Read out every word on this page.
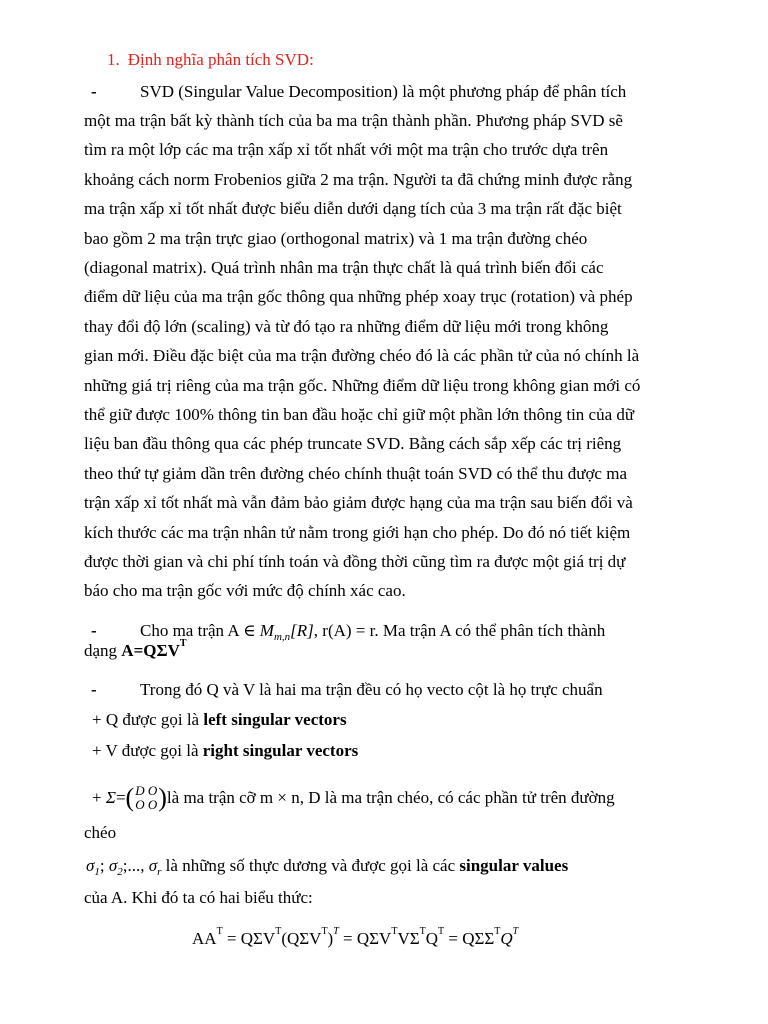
1. Định nghĩa phân tích SVD:
-	SVD (Singular Value Decomposition) là một phương pháp để phân tích
một ma trận bất kỳ thành tích của ba ma trận thành phần. Phương pháp SVD sẽ
tìm ra một lớp các ma trận xấp xỉ tốt nhất với một ma trận cho trước dựa trên
khoảng cách norm Frobenios giữa 2 ma trận. Người ta đã chứng minh được rằng
ma trận xấp xỉ tốt nhất được biểu diễn dưới dạng tích của 3 ma trận rất đặc biệt
bao gồm 2 ma trận trực giao (orthogonal matrix) và 1 ma trận đường chéo
(diagonal matrix). Quá trình nhân ma trận thực chất là quá trình biến đổi các
điểm dữ liệu của ma trận gốc thông qua những phép xoay trục (rotation) và phép
thay đổi độ lớn (scaling) và từ đó tạo ra những điểm dữ liệu mới trong không
gian mới. Điều đặc biệt của ma trận đường chéo đó là các phần tử của nó chính là
những giá trị riêng của ma trận gốc. Những điểm dữ liệu trong không gian mới có
thể giữ được 100% thông tin ban đầu hoặc chỉ giữ một phần lớn thông tin của dữ
liệu ban đầu thông qua các phép truncate SVD. Bằng cách sắp xếp các trị riêng
theo thứ tự giảm dần trên đường chéo chính thuật toán SVD có thể thu được ma
trận xấp xỉ tốt nhất mà vẫn đảm bảo giảm được hạng của ma trận sau biến đổi và
kích thước các ma trận nhân tử nằm trong giới hạn cho phép. Do đó nó tiết kiệm
được thời gian và chi phí tính toán và đồng thời cũng tìm ra được một giá trị dự
báo cho ma trận gốc với mức độ chính xác cao.
-	Cho ma trận A ∈ $M_{m,n}[R]$, r(A) = r. Ma trận A có thể phân tích thành
dạng $A=Q\Sigma V^T$
-	Trong đó Q và V là hai ma trận đều có họ vecto cột là họ trực chuẩn
+ Q được gọi là left singular vectors
+ V được gọi là right singular vectors
+
Σ = ( D O
O O ) là ma trận cỡ m × n, D là ma trận chéo, có các phần tử trên đường
chéo
$\sigma_1$; $\sigma_2$;..., $\sigma_r$ là những số thực dương và được gọi là các singular values
của A. Khi đó ta có hai biểu thức:
$AA^T = Q\Sigma V^T(Q\Sigma V^T)^T = Q\Sigma V^TV\Sigma^TQ^T = Q\Sigma\Sigma^TQ^T$
